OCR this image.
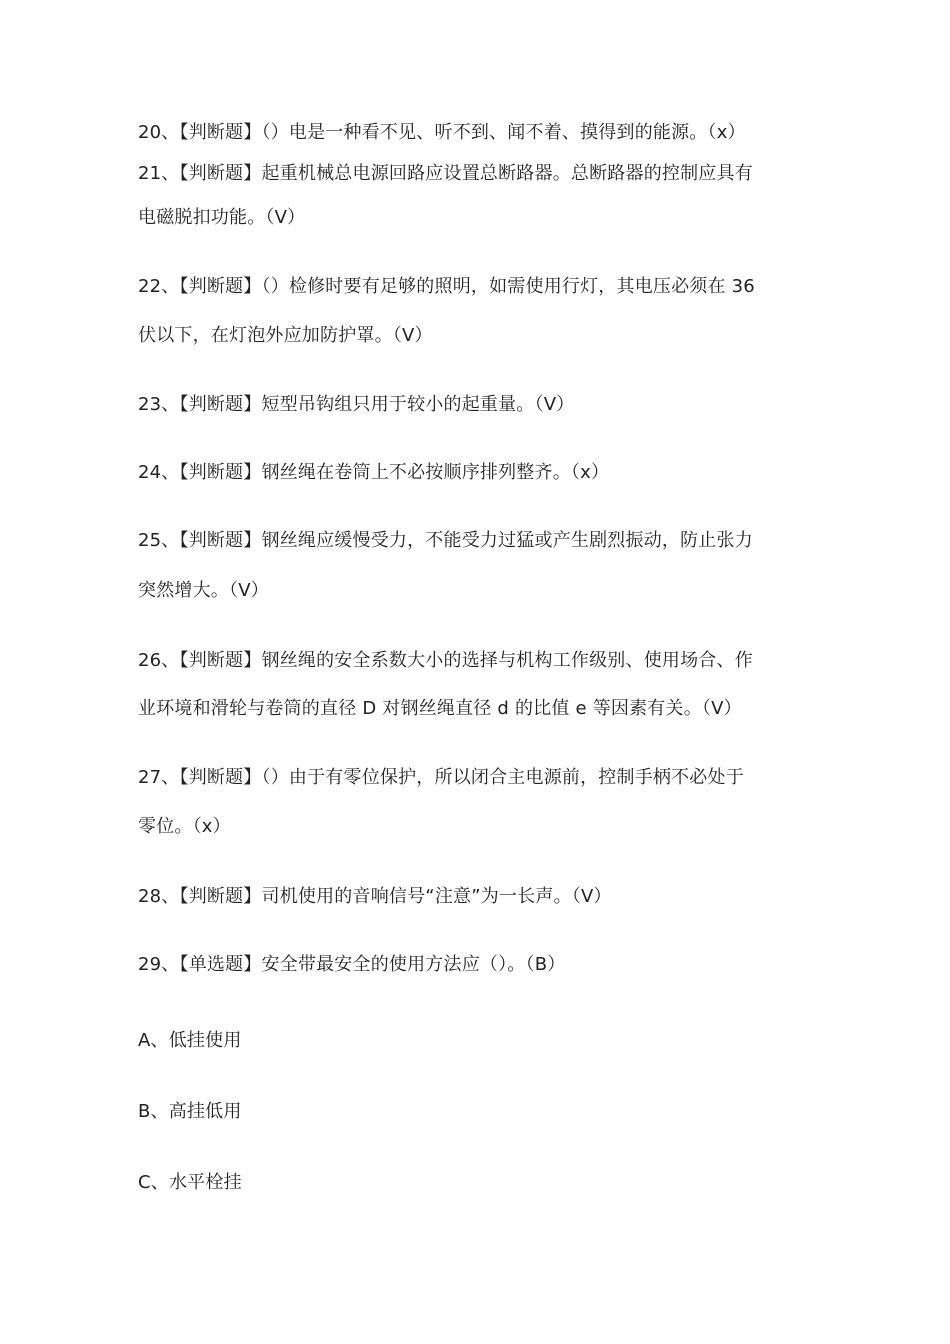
20、【判断题】（）电是一种看不见、听不到、闻不着、摸得到的能源。（x）
21、【判断题】起重机械总电源回路应设置总断路器。总断路器的控制应具有
电磁脱扣功能。（V）
22、【判断题】（）检修时要有足够的照明，如需使用行灯，其电压必须在 36
伏以下，在灯泡外应加防护罩。（V）
23、【判断题】短型吊钩组只用于较小的起重量。（V）
24、【判断题】钢丝绳在卷筒上不必按顺序排列整齐。（x）
25、【判断题】钢丝绳应缓慢受力，不能受力过猛或产生剧烈振动，防止张力
突然增大。（V）
26、【判断题】钢丝绳的安全系数大小的选择与机构工作级别、使用场合、作
业环境和滑轮与卷筒的直径 D 对钢丝绳直径 d 的比值 e 等因素有关。（V）
27、【判断题】（）由于有零位保护，所以闭合主电源前，控制手柄不必处于
零位。（x）
28、【判断题】司机使用的音响信号“注意”为一长声。（V）
29、【单选题】安全带最安全的使用方法应（）。（B）
A、低挂使用
B、高挂低用
C、水平栓挂
